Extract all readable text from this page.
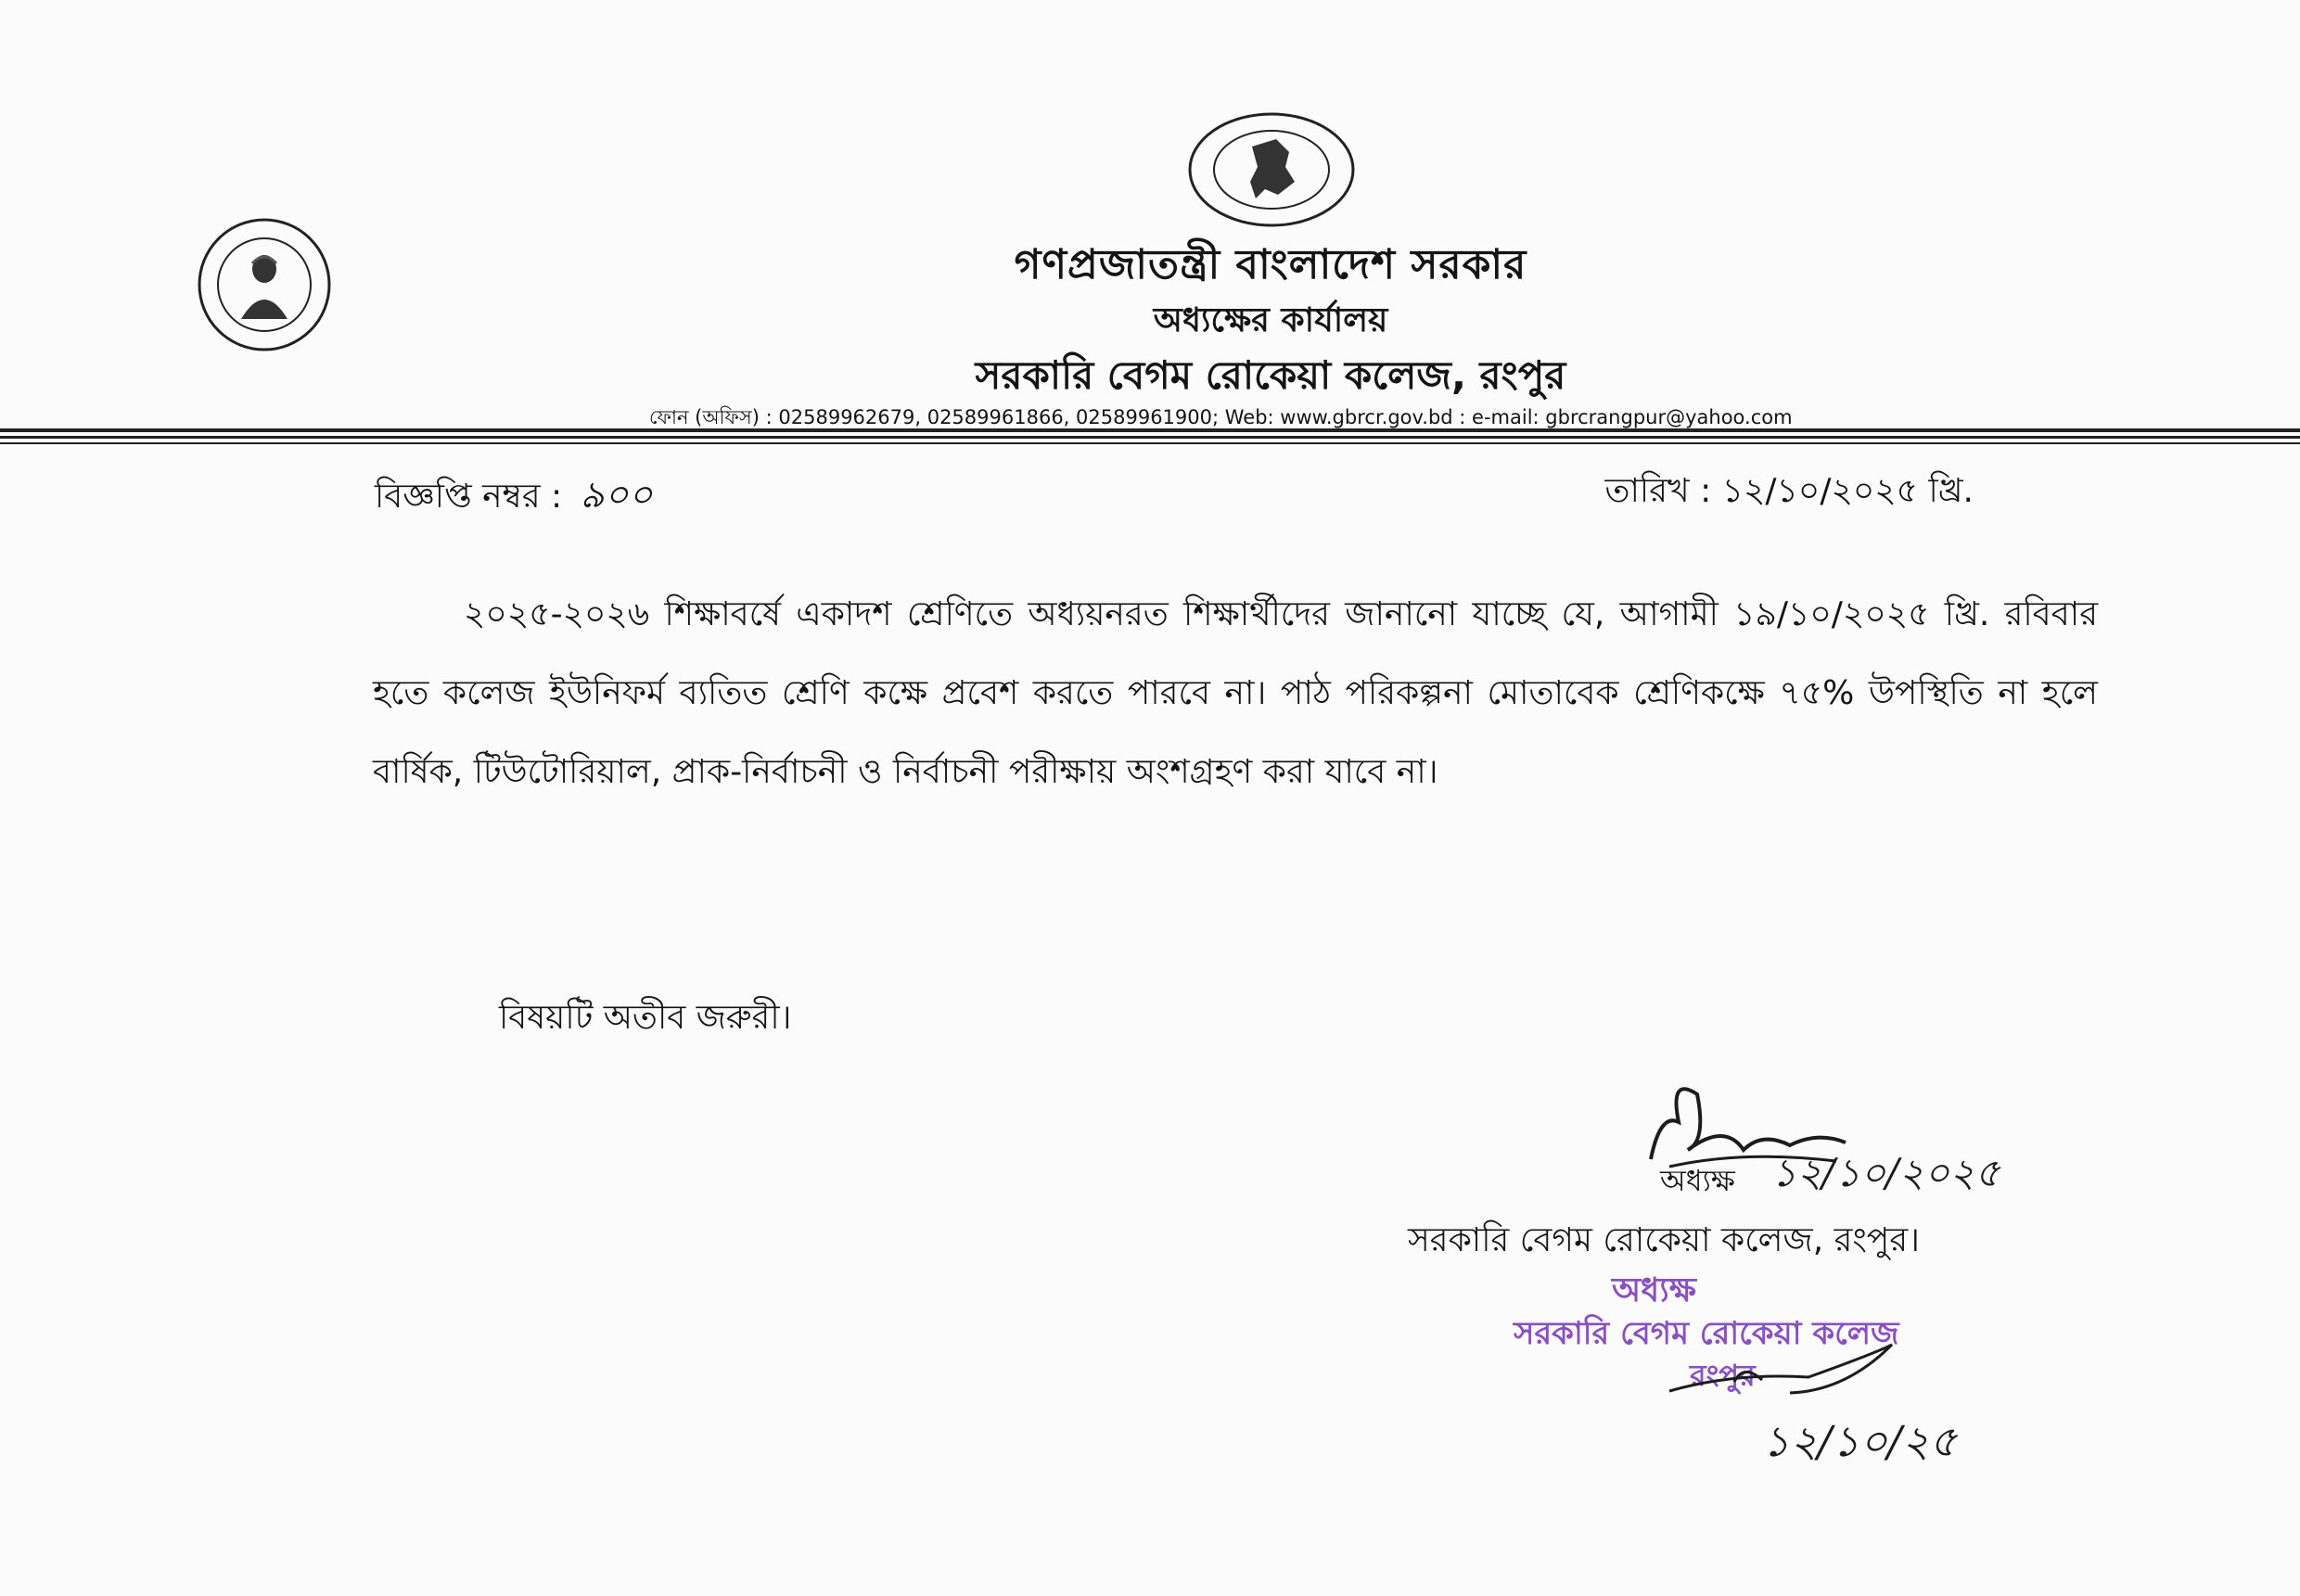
গণপ্রজাতন্ত্রী বাংলাদেশ সরকার
অধ্যক্ষের কার্যালয়
সরকারি বেগম রোকেয়া কলেজ, রংপুর
ফোন (অফিস) : 02589962679, 02589961866, 02589961900; Web: www.gbrcr.gov.bd : e-mail: gbrcrangpur@yahoo.com
বিজ্ঞপ্তি নম্বর : ৯০০	তারিখ : ১২/১০/২০২৫ খ্রি.
২০২৫-২০২৬ শিক্ষাবর্ষে একাদশ শ্রেণিতে অধ্যয়নরত শিক্ষার্থীদের জানানো যাচ্ছে যে, আগামী ১৯/১০/২০২৫ খ্রি. রবিবার হতে কলেজ ইউনিফর্ম ব্যতিত শ্রেণি কক্ষে প্রবেশ করতে পারবে না। পাঠ পরিকল্পনা মোতাবেক শ্রেণিকক্ষে ৭৫% উপস্থিতি না হলে বার্ষিক, টিউটোরিয়াল, প্রাক-নির্বাচনী ও নির্বাচনী পরীক্ষায় অংশগ্রহণ করা যাবে না।
বিষয়টি অতীব জরুরী।
১২/১০/২০২৫
অধ্যক্ষ
সরকারি বেগম রোকেয়া কলেজ, রংপুর।
অধ্যক্ষ
সরকারি বেগম রোকেয়া কলেজ
রংপুর
১২/১০/২৫
